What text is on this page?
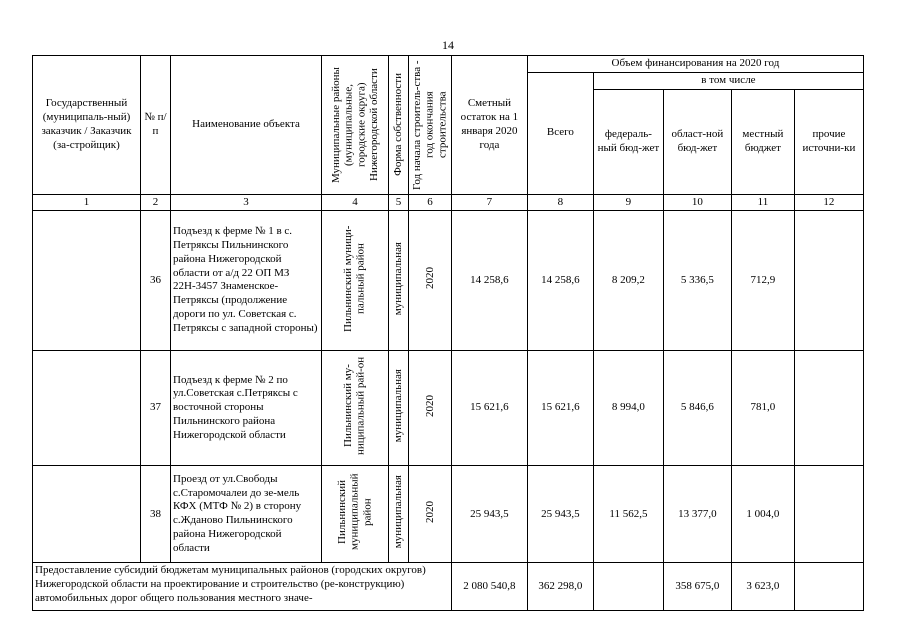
14
Государственный (муниципаль-ный) заказчик / Заказчик (за-стройщик)	№ п/п	Наименование объекта	Муниципальные районы (муниципальные, городские округа) Нижегородской области	Форма собственности	Год начала строитель-ства - год окончания строительства	Сметный остаток на 1 января 2020 года	Объем финансирования на 2020 год				
							Всего	в том числе			
								федераль-ный бюд-жет	област-ной бюд-жет	местный бюджет	прочие источни-ки
1	2	3	4	5	6	7	8	9	10	11	12
	36	Подъезд к ферме № 1 в с. Петряксы Пильнинского района Нижегородской области от а/д 22 ОП МЗ 22Н-3457 Знаменское-Петряксы (продолжение дороги по ул. Советская с. Петряксы с западной стороны)	Пильнинский муници-пальный район	муниципальная	2020	14 258,6	14 258,6	8 209,2	5 336,5	712,9	
	37	Подъезд к ферме № 2 по ул.Советская с.Петряксы с восточной стороны Пильнинского района Нижегородской области	Пильнинский му-ниципальный рай-он	муниципальная	2020	15 621,6	15 621,6	8 994,0	5 846,6	781,0	
	38	Проезд от ул.Свободы с.Старомочалеи до зе-мель КФХ (МТФ № 2) в сторону с.Жданово Пильнинского района Нижегородской области	Пильнинский муниципальный район	муниципальная	2020	25 943,5	25 943,5	11 562,5	13 377,0	1 004,0	
Предоставление субсидий бюджетам муниципальных районов (городских округов) Нижегородской области на проектирование и строительство (ре-конструкцию) автомобильных дорог общего пользования местного значе-						2 080 540,8	362 298,0		358 675,0	3 623,0	
